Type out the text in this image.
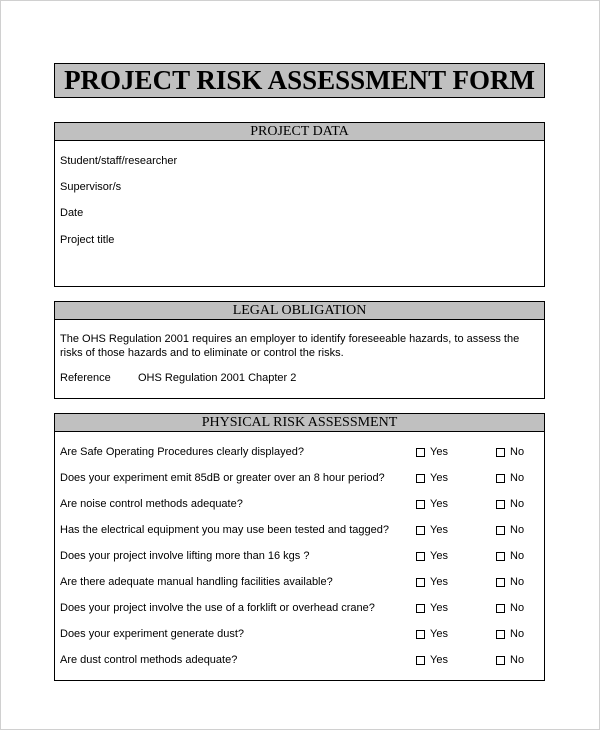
PROJECT RISK ASSESSMENT FORM
PROJECT DATA
Student/staff/researcher
Supervisor/s
Date
Project title
LEGAL OBLIGATION
The OHS Regulation 2001 requires an employer to identify foreseeable hazards, to assess the risks of those hazards and to eliminate or control the risks.
Reference OHS Regulation 2001 Chapter 2
PHYSICAL RISK ASSESSMENT
Are Safe Operating Procedures clearly displayed?	Yes	No
Does your experiment emit 85dB or greater over an 8 hour period?	Yes	No
Are noise control methods adequate?	Yes	No
Has the electrical equipment you may use been tested and tagged?	Yes	No
Does your project involve lifting more than 16 kgs ?	Yes	No
Are there adequate manual handling facilities available?	Yes	No
Does your project involve the use of a forklift or overhead crane?	Yes	No
Does your experiment generate dust?	Yes	No
Are dust control methods adequate?	Yes	No
